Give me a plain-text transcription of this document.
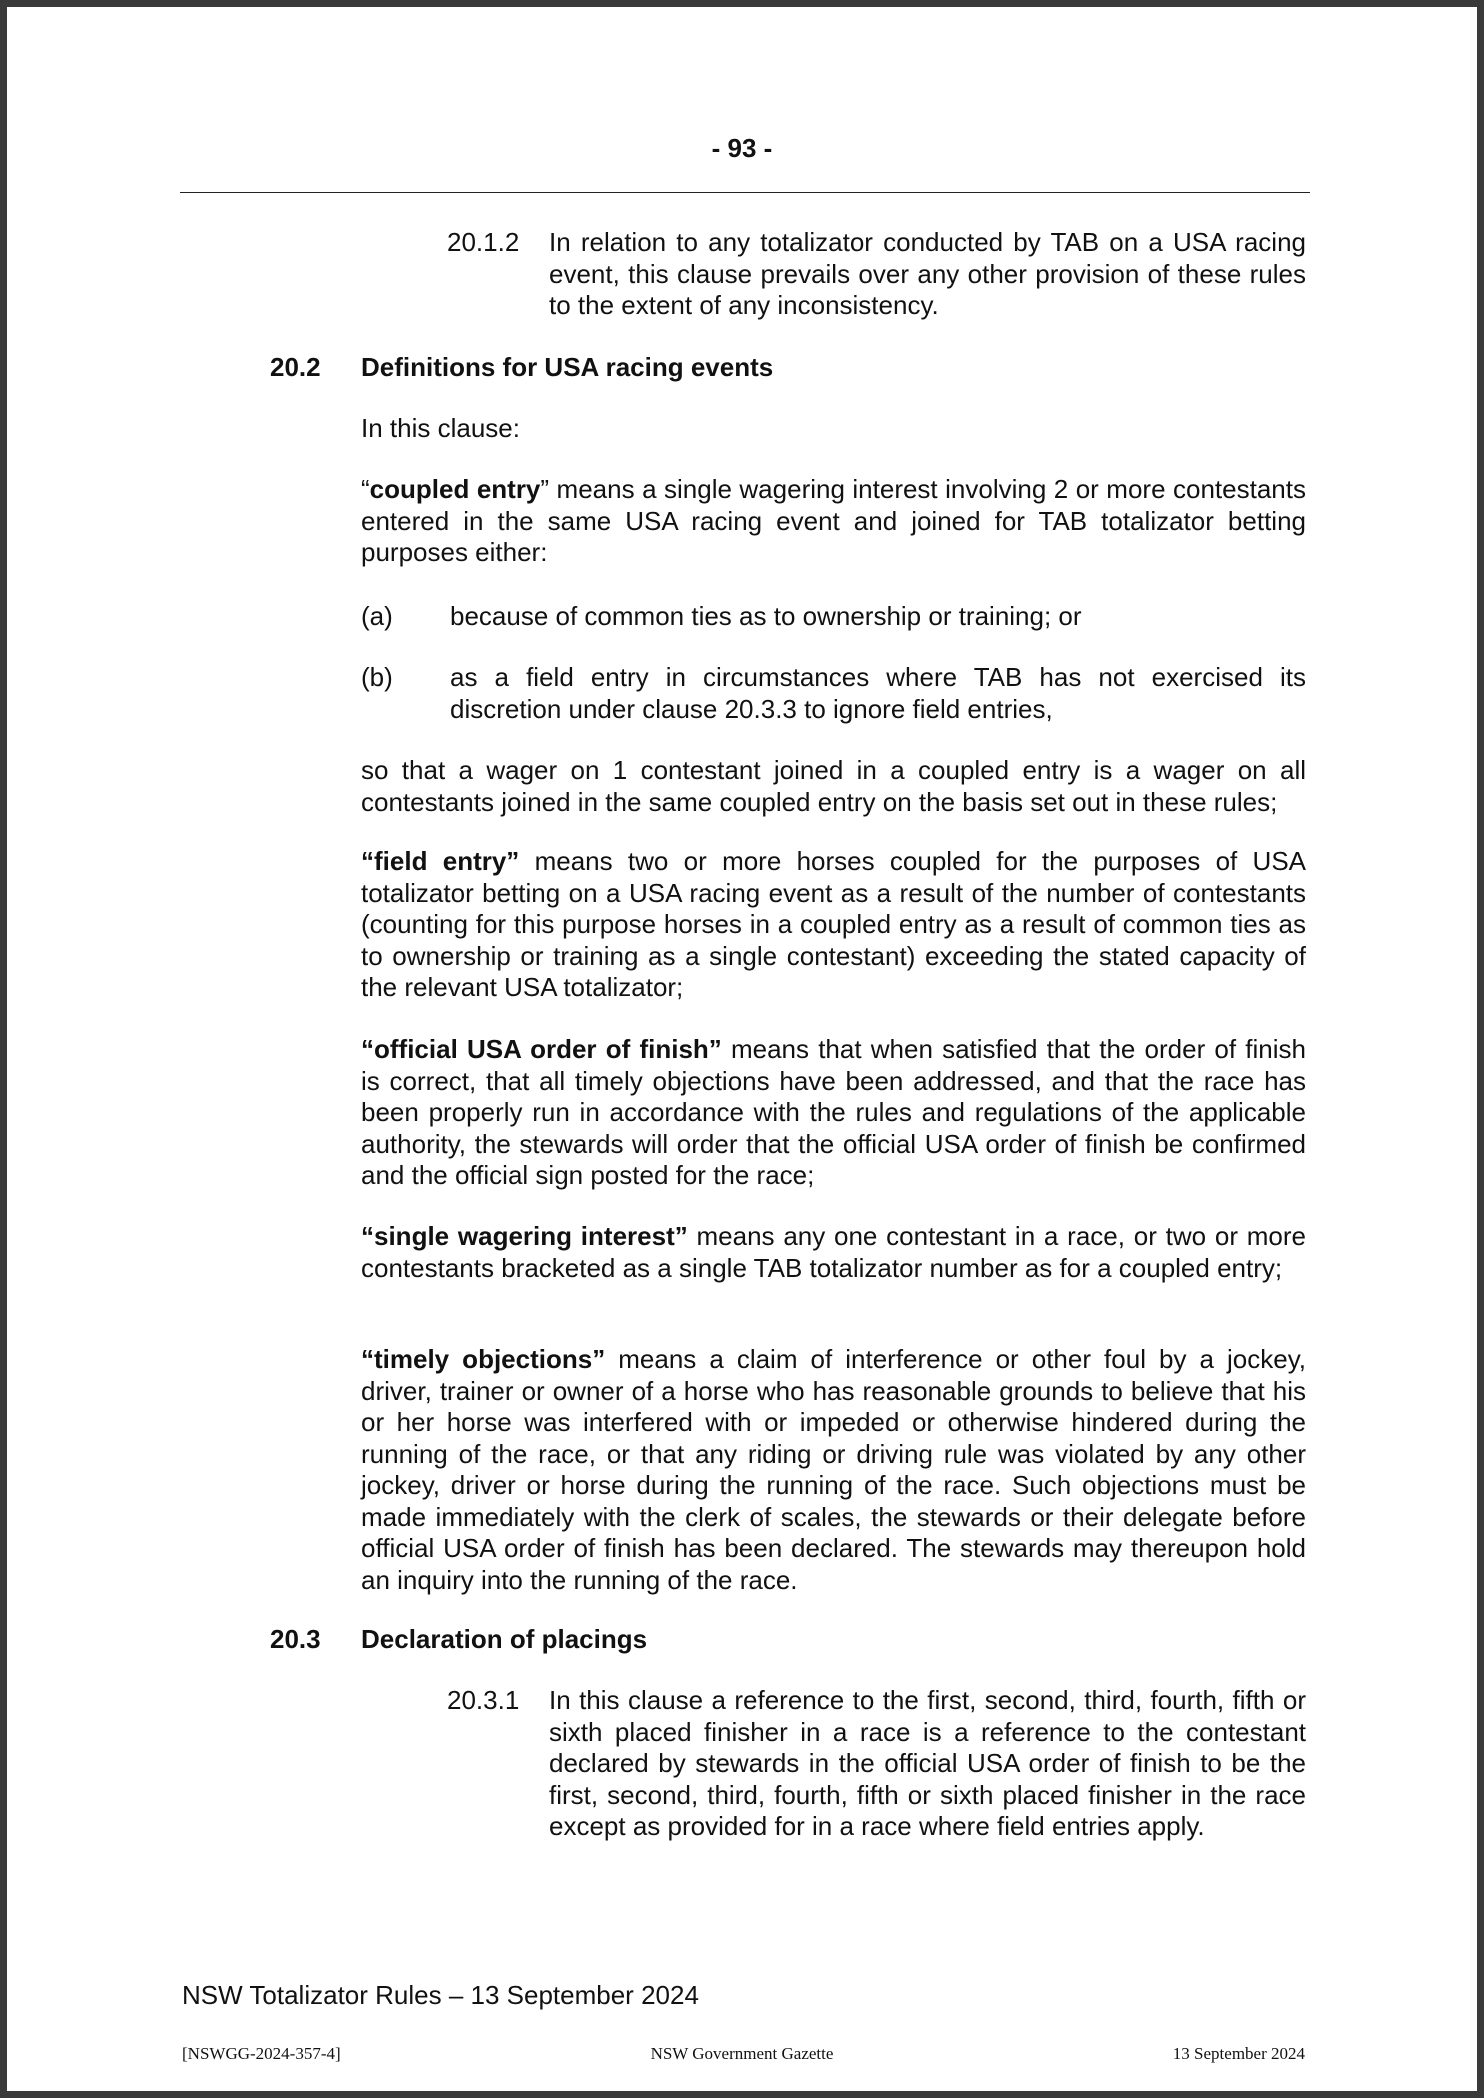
- 93 -
20.1.2 In relation to any totalizator conducted by TAB on a USA racing event, this clause prevails over any other provision of these rules to the extent of any inconsistency.
20.2 Definitions for USA racing events
In this clause:
“coupled entry” means a single wagering interest involving 2 or more contestants entered in the same USA racing event and joined for TAB totalizator betting purposes either:
(a) because of common ties as to ownership or training; or
(b) as a field entry in circumstances where TAB has not exercised its discretion under clause 20.3.3 to ignore field entries,
so that a wager on 1 contestant joined in a coupled entry is a wager on all contestants joined in the same coupled entry on the basis set out in these rules;
“field entry” means two or more horses coupled for the purposes of USA totalizator betting on a USA racing event as a result of the number of contestants (counting for this purpose horses in a coupled entry as a result of common ties as to ownership or training as a single contestant) exceeding the stated capacity of the relevant USA totalizator;
“official USA order of finish” means that when satisfied that the order of finish is correct, that all timely objections have been addressed, and that the race has been properly run in accordance with the rules and regulations of the applicable authority, the stewards will order that the official USA order of finish be confirmed and the official sign posted for the race;
“single wagering interest” means any one contestant in a race, or two or more contestants bracketed as a single TAB totalizator number as for a coupled entry;
“timely objections” means a claim of interference or other foul by a jockey, driver, trainer or owner of a horse who has reasonable grounds to believe that his or her horse was interfered with or impeded or otherwise hindered during the running of the race, or that any riding or driving rule was violated by any other jockey, driver or horse during the running of the race. Such objections must be made immediately with the clerk of scales, the stewards or their delegate before official USA order of finish has been declared. The stewards may thereupon hold an inquiry into the running of the race.
20.3 Declaration of placings
20.3.1 In this clause a reference to the first, second, third, fourth, fifth or sixth placed finisher in a race is a reference to the contestant declared by stewards in the official USA order of finish to be the first, second, third, fourth, fifth or sixth placed finisher in the race except as provided for in a race where field entries apply.
NSW Totalizator Rules – 13 September 2024
[NSWGG-2024-357-4]	NSW Government Gazette	13 September 2024
